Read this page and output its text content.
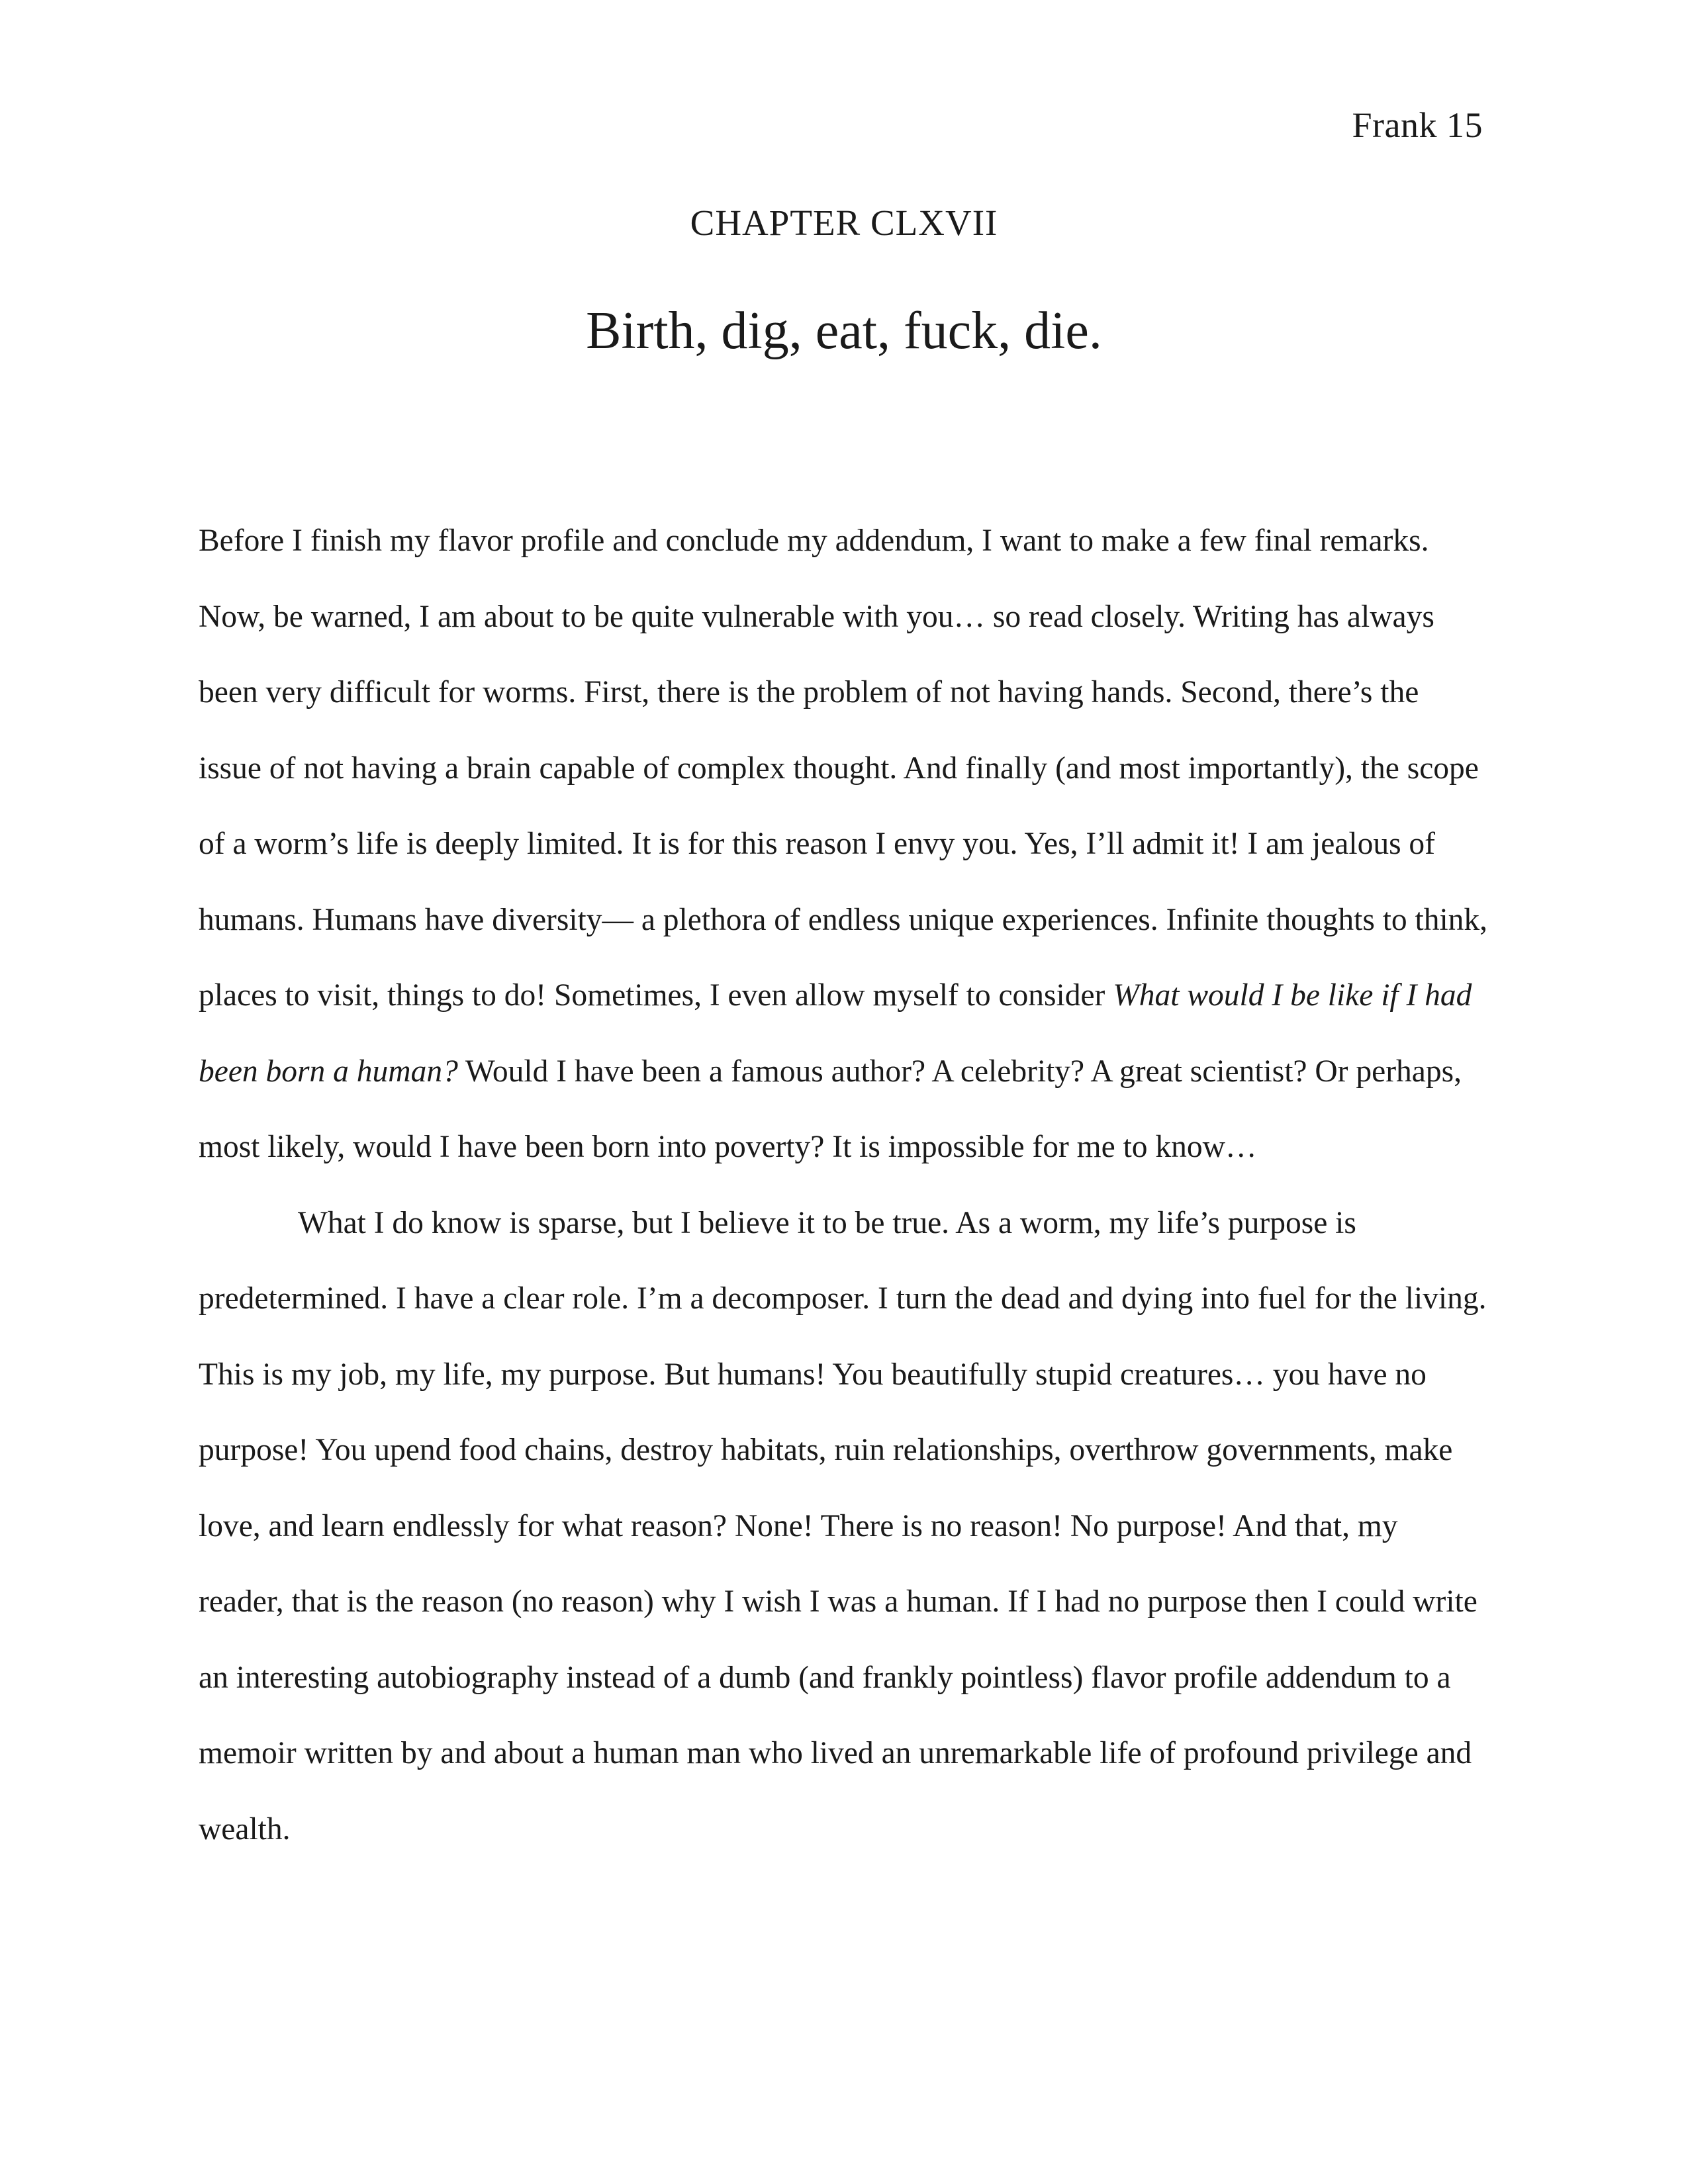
Frank 15
CHAPTER CLXVII
Birth, dig, eat, fuck, die.

Before I finish my flavor profile and conclude my addendum, I want to make a few final remarks. Now, be warned, I am about to be quite vulnerable with you… so read closely. Writing has always been very difficult for worms. First, there is the problem of not having hands. Second, there’s the issue of not having a brain capable of complex thought. And finally (and most importantly), the scope of a worm’s life is deeply limited. It is for this reason I envy you. Yes, I’ll admit it! I am jealous of humans. Humans have diversity— a plethora of endless unique experiences. Infinite thoughts to think, places to visit, things to do! Sometimes, I even allow myself to consider What would I be like if I had been born a human? Would I have been a famous author? A celebrity? A great scientist? Or perhaps, most likely, would I have been born into poverty? It is impossible for me to know…

What I do know is sparse, but I believe it to be true. As a worm, my life’s purpose is predetermined. I have a clear role. I’m a decomposer. I turn the dead and dying into fuel for the living. This is my job, my life, my purpose. But humans! You beautifully stupid creatures… you have no purpose! You upend food chains, destroy habitats, ruin relationships, overthrow governments, make love, and learn endlessly for what reason? None! There is no reason! No purpose! And that, my reader, that is the reason (no reason) why I wish I was a human. If I had no purpose then I could write an interesting autobiography instead of a dumb (and frankly pointless) flavor profile addendum to a memoir written by and about a human man who lived an unremarkable life of profound privilege and wealth.
